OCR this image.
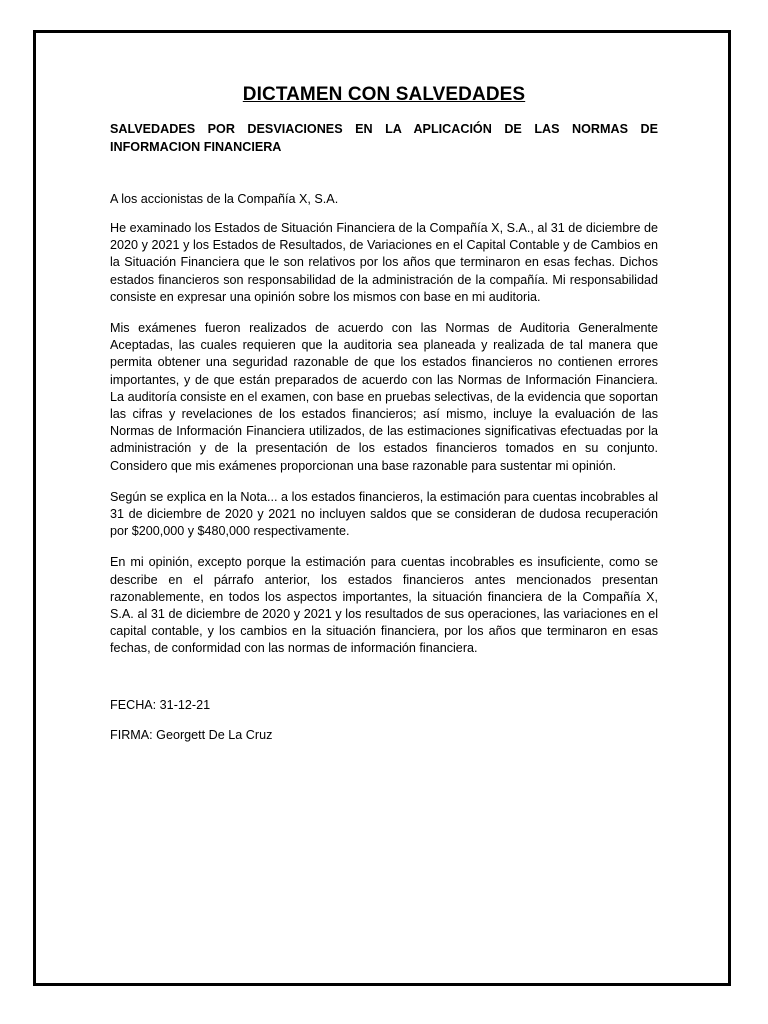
DICTAMEN CON SALVEDADES
SALVEDADES POR DESVIACIONES EN LA APLICACIÓN DE LAS NORMAS DE INFORMACION FINANCIERA
A los accionistas de la Compañía X, S.A.

He examinado los Estados de Situación Financiera de la Compañía X, S.A., al 31 de diciembre de 2020 y 2021 y los Estados de Resultados, de Variaciones en el Capital Contable y de Cambios en la Situación Financiera que le son relativos por los años que terminaron en esas fechas. Dichos estados financieros son responsabilidad de la administración de la compañía. Mi responsabilidad consiste en expresar una opinión sobre los mismos con base en mi auditoria.

Mis exámenes fueron realizados de acuerdo con las Normas de Auditoria Generalmente Aceptadas, las cuales requieren que la auditoria sea planeada y realizada de tal manera que permita obtener una seguridad razonable de que los estados financieros no contienen errores importantes, y de que están preparados de acuerdo con las Normas de Información Financiera. La auditoría consiste en el examen, con base en pruebas selectivas, de la evidencia que soportan las cifras y revelaciones de los estados financieros; así mismo, incluye la evaluación de las Normas de Información Financiera utilizados, de las estimaciones significativas efectuadas por la administración y de la presentación de los estados financieros tomados en su conjunto. Considero que mis exámenes proporcionan una base razonable para sustentar mi opinión.

Según se explica en la Nota... a los estados financieros, la estimación para cuentas incobrables al 31 de diciembre de 2020 y 2021 no incluyen saldos que se consideran de dudosa recuperación por $200,000 y $480,000 respectivamente.

En mi opinión, excepto porque la estimación para cuentas incobrables es insuficiente, como se describe en el párrafo anterior, los estados financieros antes mencionados presentan razonablemente, en todos los aspectos importantes, la situación financiera de la Compañía X, S.A. al 31 de diciembre de 2020 y 2021 y los resultados de sus operaciones, las variaciones en el capital contable, y los cambios en la situación financiera, por los años que terminaron en esas fechas, de conformidad con las normas de información financiera.

FECHA: 31-12-21
FIRMA: Georgett De La Cruz
